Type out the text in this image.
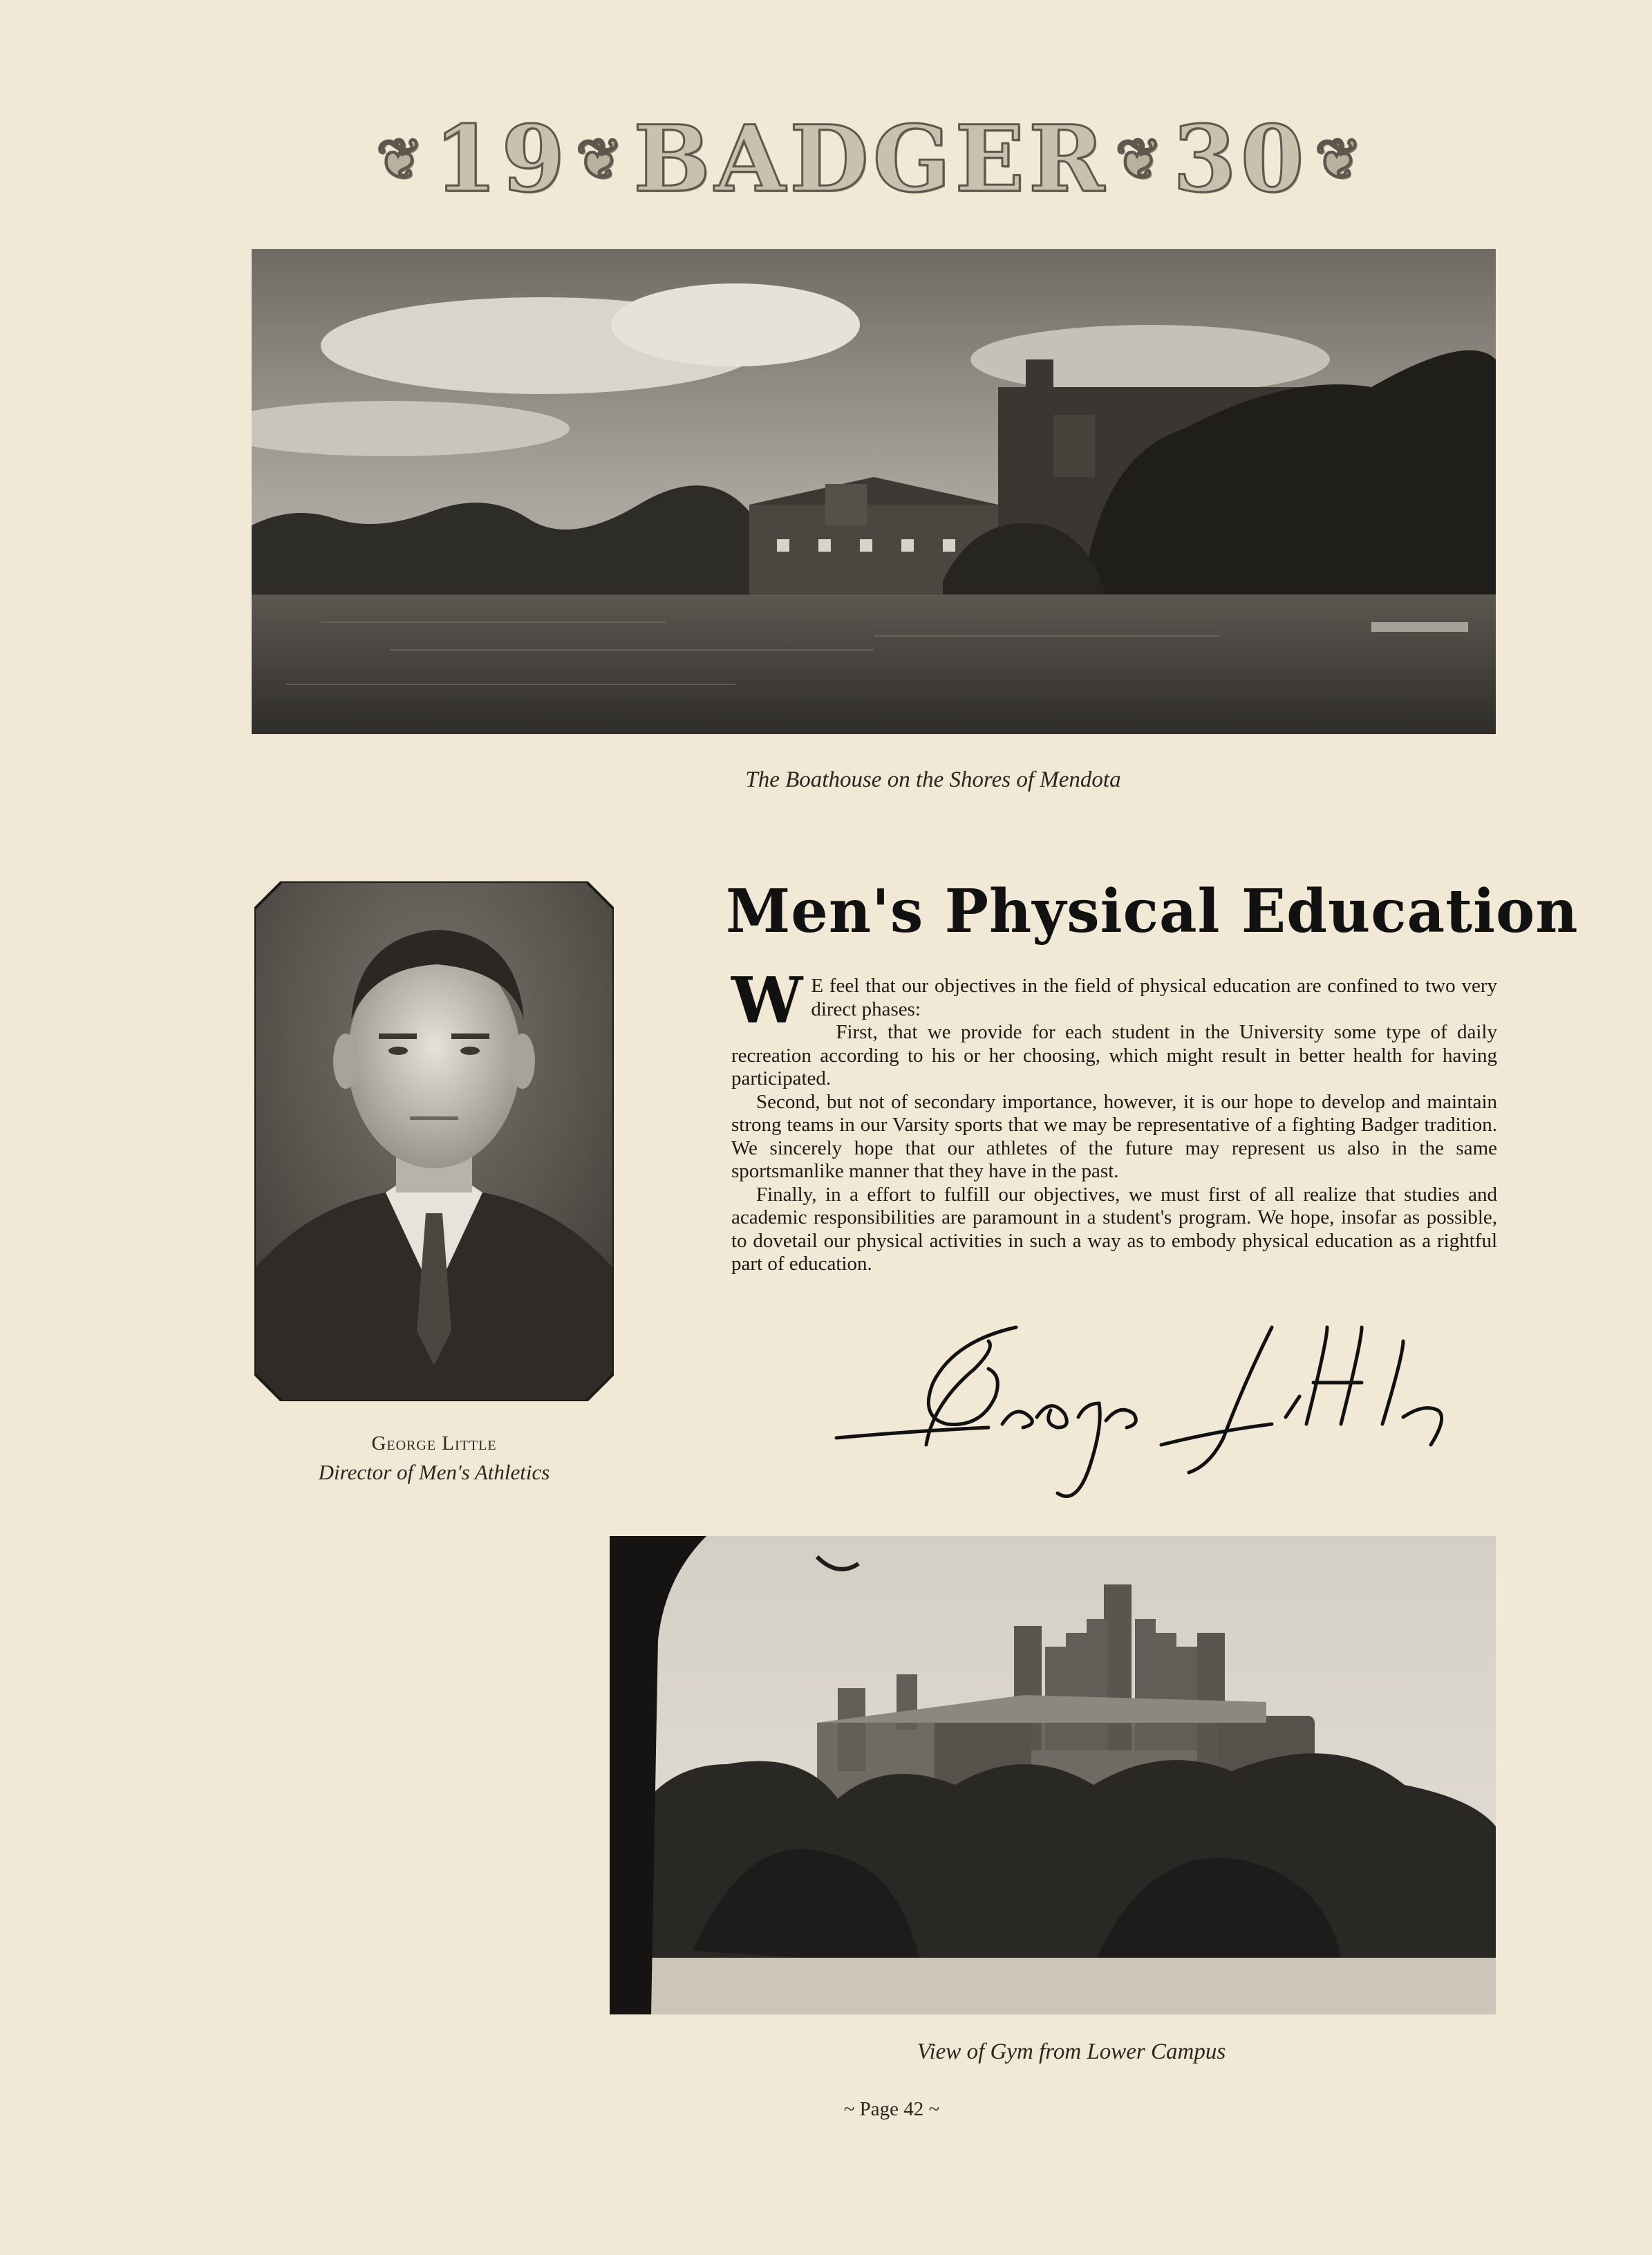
❦ 19 ❦ BADGER ❦ 30 ❦
The Boathouse on the Shores of Mendota
George Little
Director of Men's Athletics
Men's Physical Education

W E feel that our objectives in the field of physical education are confined to two very direct phases:

First, that we provide for each student in the University some type of daily recreation according to his or her choosing, which might result in better health for having participated.

Second, but not of secondary importance, however, it is our hope to develop and maintain strong teams in our Varsity sports that we may be representative of a fighting Badger tradition. We sincerely hope that our athletes of the future may represent us also in the same sportsmanlike manner that they have in the past.

Finally, in a effort to fulfill our objectives, we must first of all realize that studies and academic responsibilities are paramount in a student's program. We hope, insofar as possible, to dovetail our physical activities in such a way as to embody physical education as a rightful part of education.

View of Gym from Lower Campus
~ Page 42 ~
